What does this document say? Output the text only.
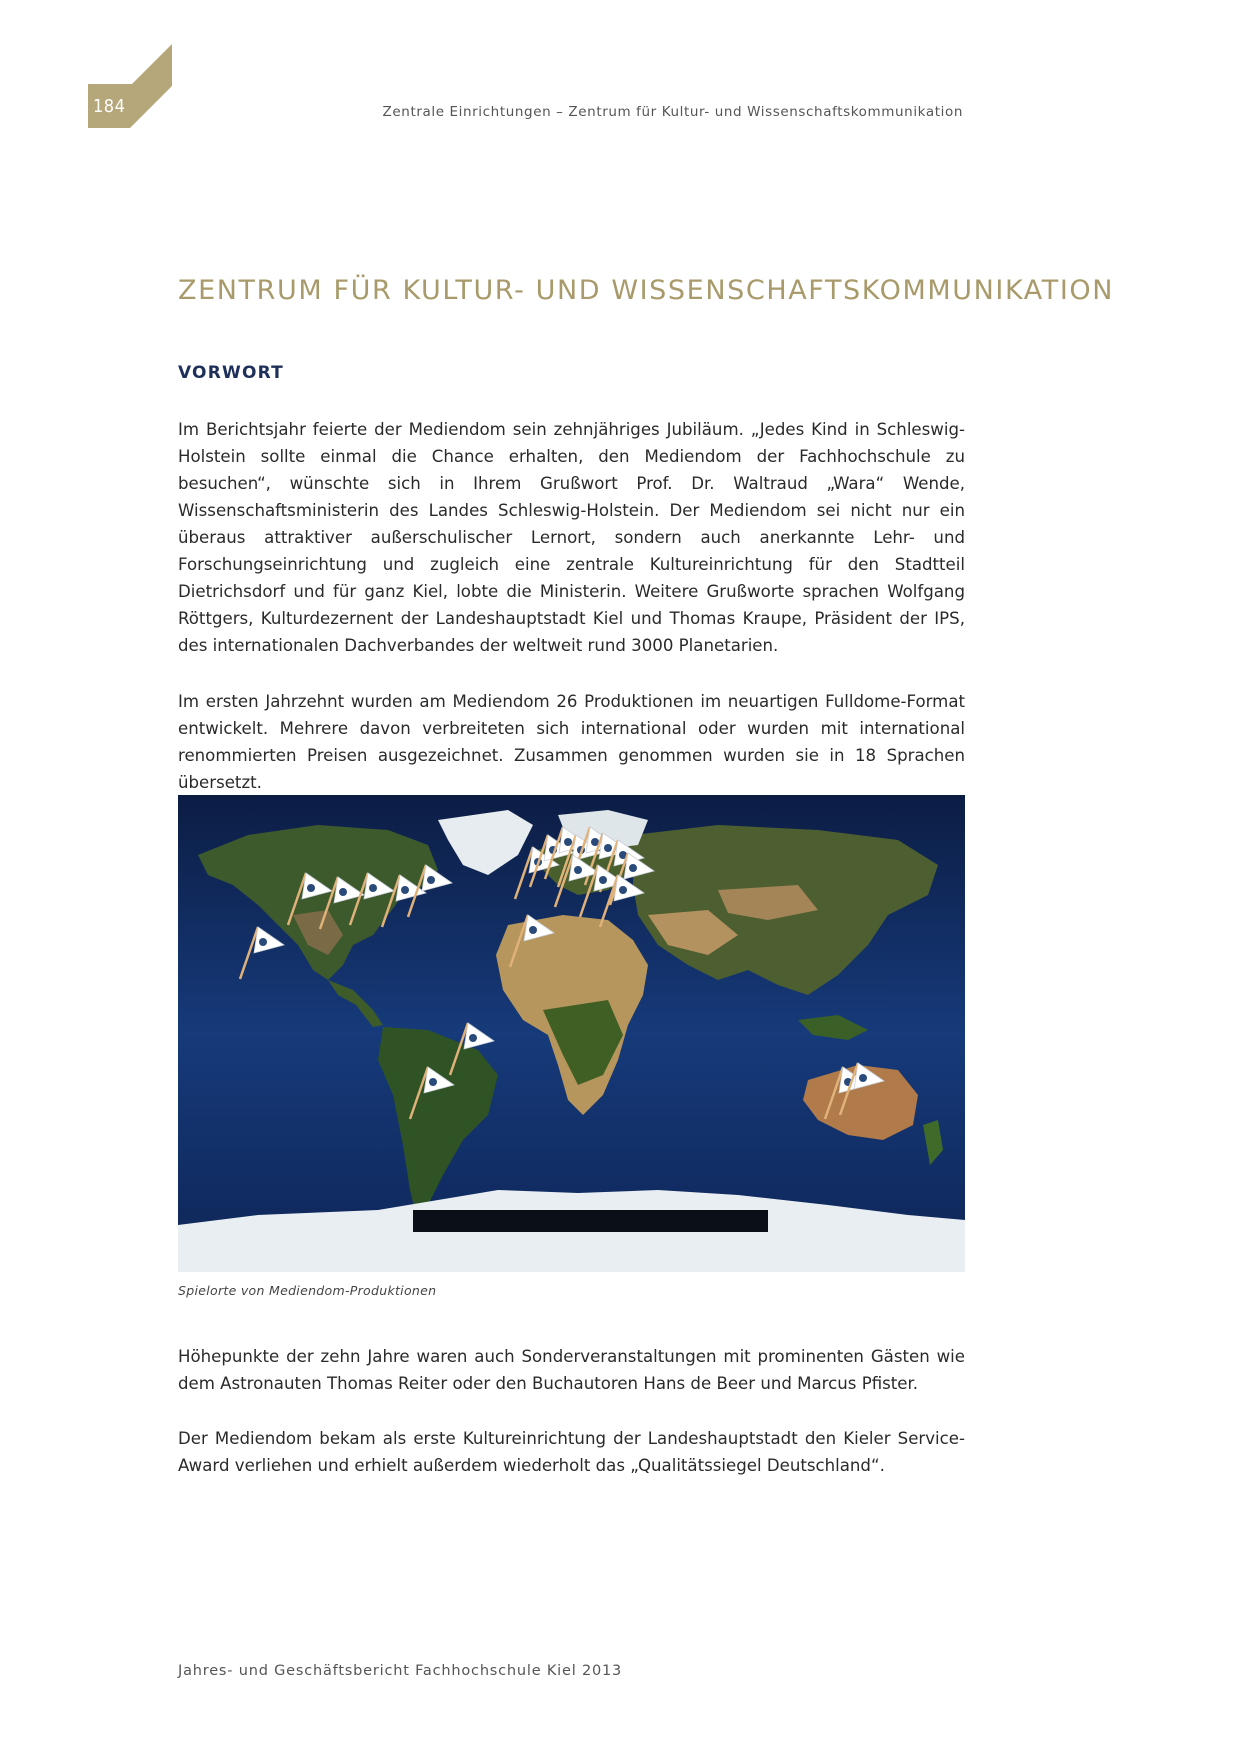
184	Zentrale Einrichtungen – Zentrum für Kultur- und Wissenschaftskommunikation
ZENTRUM FÜR KULTUR- UND WISSENSCHAFTSKOMMUNIKATION
VORWORT

Im Berichtsjahr feierte der Mediendom sein zehnjähriges Jubiläum. „Jedes Kind in Schleswig-Holstein sollte einmal die Chance erhalten, den Mediendom der Fachhochschule zu besuchen“, wünschte sich in Ihrem Grußwort Prof. Dr. Waltraud „Wara“ Wende, Wissenschaftsministerin des Landes Schleswig-Holstein. Der Mediendom sei nicht nur ein überaus attraktiver außerschulischer Lernort, sondern auch anerkannte Lehr- und Forschungseinrichtung und zugleich eine zentrale Kultureinrichtung für den Stadtteil Dietrichsdorf und für ganz Kiel, lobte die Ministerin. Weitere Grußworte sprachen Wolfgang Röttgers, Kulturdezernent der Landeshauptstadt Kiel und Thomas Kraupe, Präsident der IPS, des internationalen Dachverbandes der weltweit rund 3000 Planetarien.

Im ersten Jahrzehnt wurden am Mediendom 26 Produktionen im neuartigen Fulldome-Format entwickelt. Mehrere davon verbreiteten sich international oder wurden mit international renommierten Preisen ausgezeichnet. Zusammen genommen wurden sie in 18 Sprachen übersetzt.

Spielorte von Mediendom-Produktionen

Höhepunkte der zehn Jahre waren auch Sonderveranstaltungen mit prominenten Gästen wie dem Astronauten Thomas Reiter oder den Buchautoren Hans de Beer und Marcus Pfister.

Der Mediendom bekam als erste Kultureinrichtung der Landeshauptstadt den Kieler Service-Award verliehen und erhielt außerdem wiederholt das „Qualitätssiegel Deutschland“.

Jahres- und Geschäftsbericht Fachhochschule Kiel 2013
